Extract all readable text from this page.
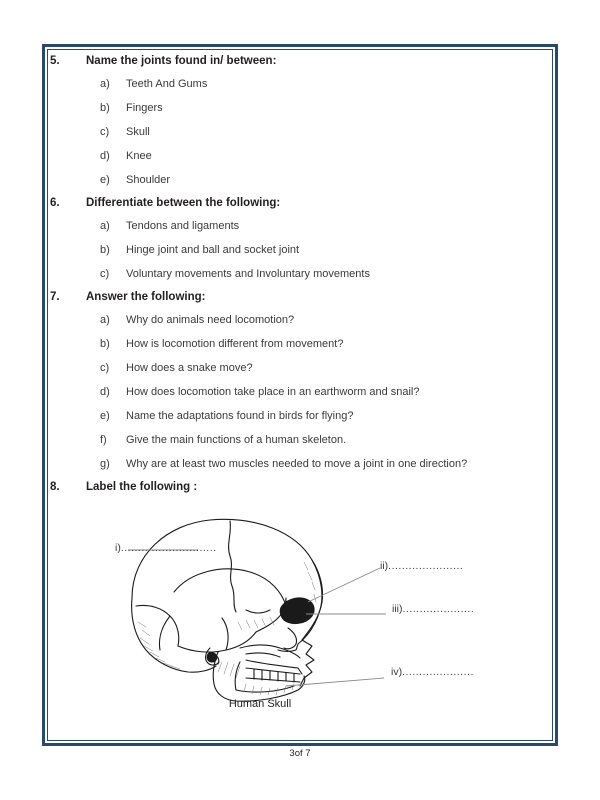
5.	Name the joints found in/ between:
a)	Teeth And Gums
b)	Fingers
c)	Skull
d)	Knee
e)	Shoulder
6.	Differentiate between the following:
a)	Tendons and ligaments
b)	Hinge joint and ball and socket joint
c)	Voluntary movements and Involuntary movements
7.	Answer the following:
a)	Why do animals need locomotion?
b)	How is locomotion different from movement?
c)	How does a snake move?
d)	How does locomotion take place in an earthworm and snail?
e)	Name the adaptations found in birds for flying?
f)	Give the main functions of a human skeleton.
g)	Why are at least two muscles needed to move a joint in one direction?
8.	Label the following :
i)............................
ii)......................
iii).....................
iv).....................
Human Skull
3of 7
